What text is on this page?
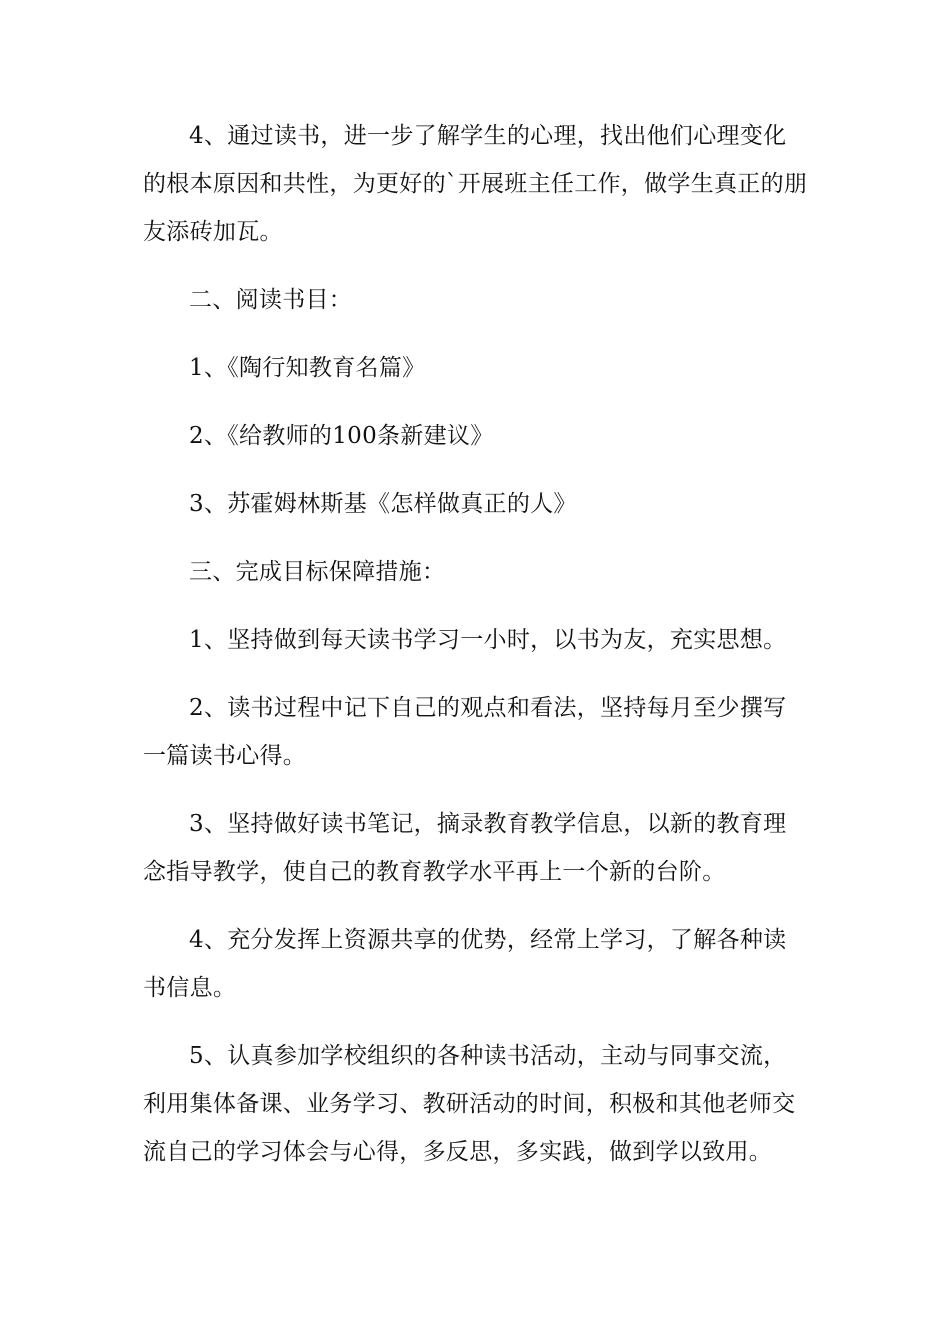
4、通过读书，进一步了解学生的心理，找出他们心理变化的根本原因和共性，为更好的`开展班主任工作，做学生真正的朋友添砖加瓦。

二、阅读书目：

1、《陶行知教育名篇》

2、《给教师的100条新建议》

3、苏霍姆林斯基《怎样做真正的人》

三、完成目标保障措施：

1、坚持做到每天读书学习一小时，以书为友，充实思想。

2、读书过程中记下自己的观点和看法，坚持每月至少撰写一篇读书心得。

3、坚持做好读书笔记，摘录教育教学信息，以新的教育理念指导教学，使自己的教育教学水平再上一个新的台阶。

4、充分发挥上资源共享的优势，经常上学习，了解各种读书信息。

5、认真参加学校组织的各种读书活动，主动与同事交流，利用集体备课、业务学习、教研活动的时间，积极和其他老师交流自己的学习体会与心得，多反思，多实践，做到学以致用。
